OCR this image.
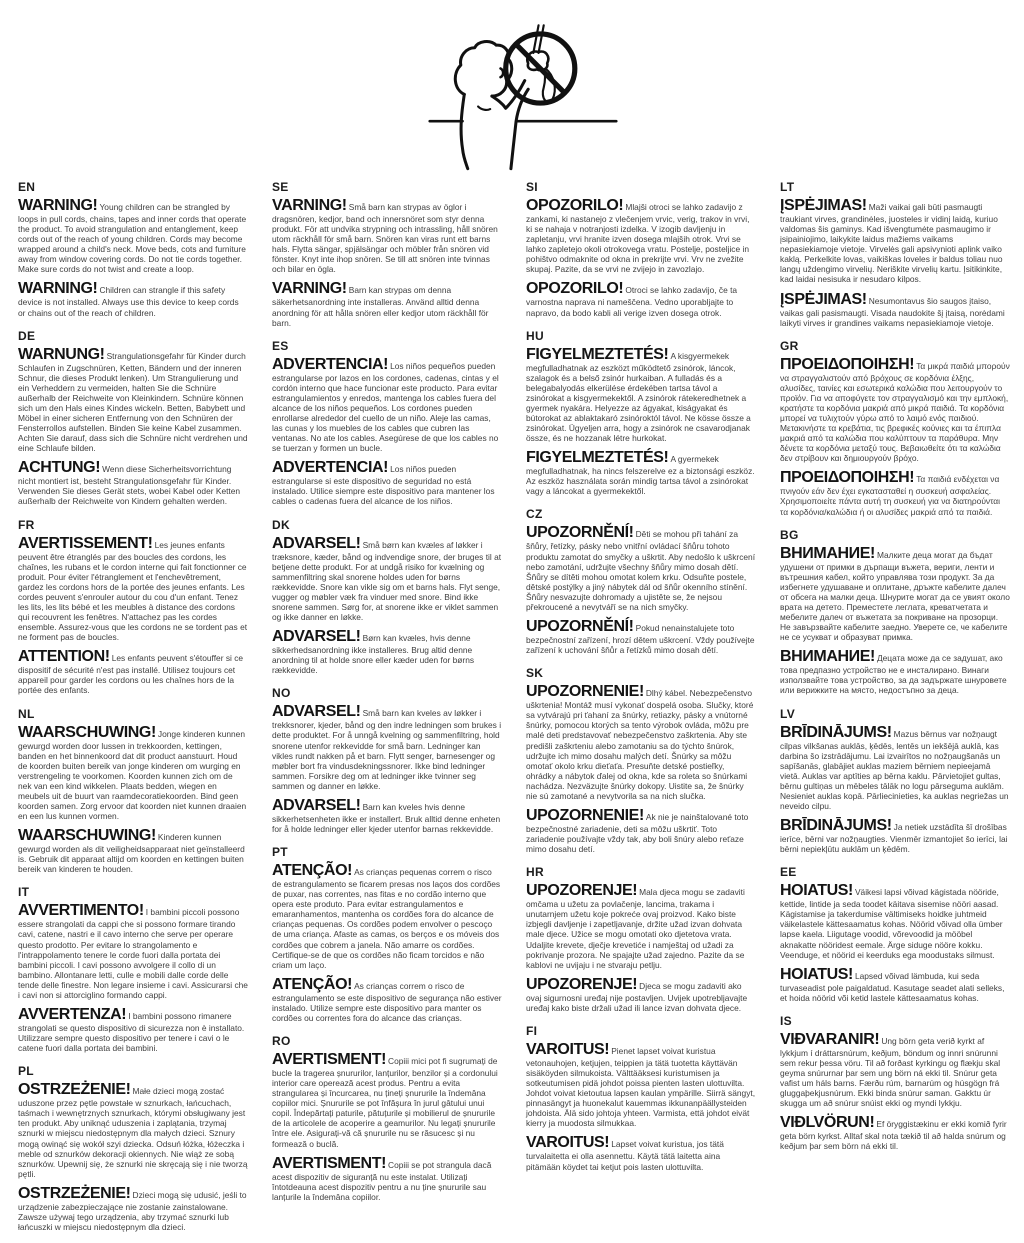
EN

WARNING! Young children can be strangled by loops in pull cords, chains, tapes and inner cords that operate the product. To avoid strangulation and entanglement, keep cords out of the reach of young children. Cords may become wrapped around a child's neck. Move beds, cots and furniture away from window covering cords. Do not tie cords together. Make sure cords do not twist and create a loop.

WARNING! Children can strangle if this safety device is not installed. Always use this device to keep cords or chains out of the reach of children.

DE

WARNUNG! Strangulationsgefahr für Kinder durch Schlaufen in Zugschnüren, Ketten, Bändern und der inneren Schnur, die dieses Produkt lenken). Um Strangulierung und ein Verheddern zu vermeiden, halten Sie die Schnüre außerhalb der Reichweite von Kleinkindern. Schnüre können sich um den Hals eines Kindes wickeln. Betten, Babybett und Möbel in einer sicheren Entfernung von den Schnüren der Fensterrollos aufstellen. Binden Sie keine Kabel zusammen. Achten Sie darauf, dass sich die Schnüre nicht verdrehen und eine Schlaufe bilden.

ACHTUNG! Wenn diese Sicherheitsvorrichtung nicht montiert ist, besteht Strangulationsgefahr für Kinder. Verwenden Sie dieses Gerät stets, wobei Kabel oder Ketten außerhalb der Reichweite von Kindern gehalten werden.

FR

AVERTISSEMENT! Les jeunes enfants peuvent être étranglés par des boucles des cordons, les chaînes, les rubans et le cordon interne qui fait fonctionner ce produit. Pour éviter l'étranglement et l'enchevêtrement, gardez les cordons hors de la portée des jeunes enfants. Les cordes peuvent s'enrouler autour du cou d'un enfant. Tenez les lits, les lits bébé et les meubles à distance des cordons qui recouvrent les fenêtres. N'attachez pas les cordes ensemble. Assurez-vous que les cordons ne se tordent pas et ne forment pas de boucles.

ATTENTION! Les enfants peuvent s'étouffer si ce dispositif de sécurité n'est pas installé. Utilisez toujours cet appareil pour garder les cordons ou les chaînes hors de la portée des enfants.

NL

WAARSCHUWING! Jonge kinderen kunnen gewurgd worden door lussen in trekkoorden, kettingen, banden en het binnenkoord dat dit product aanstuurt. Houd de koorden buiten bereik van jonge kinderen om wurging en verstrengeling te voorkomen. Koorden kunnen zich om de nek van een kind wikkelen. Plaats bedden, wiegen en meubels uit de buurt van raamdecoratiekoorden. Bind geen koorden samen. Zorg ervoor dat koorden niet kunnen draaien en een lus kunnen vormen.

WAARSCHUWING! Kinderen kunnen gewurgd worden als dit veiligheidsapparaat niet geïnstalleerd is. Gebruik dit apparaat altijd om koorden en kettingen buiten bereik van kinderen te houden.

IT

AVVERTIMENTO! I bambini piccoli possono essere strangolati da cappi che si possono formare tirando cavi, catene, nastri e il cavo interno che serve per operare questo prodotto. Per evitare lo strangolamento e l'intrappolamento tenere le corde fuori dalla portata dei bambini piccoli. I cavi possono avvolgere il collo di un bambino. Allontanare letti, culle e mobili dalle corde delle tende delle finestre. Non legare insieme i cavi. Assicurarsi che i cavi non si attorciglino formando cappi.

AVVERTENZA! I bambini possono rimanere strangolati se questo dispositivo di sicurezza non è installato. Utilizzare sempre questo dispositivo per tenere i cavi o le catene fuori dalla portata dei bambini.

PL

OSTRZEŻENIE! Małe dzieci mogą zostać uduszone przez pętle powstałe w sznurkach, łańcuchach, taśmach i wewnętrznych sznurkach, którymi obsługiwany jest ten produkt. Aby uniknąć uduszenia i zaplątania, trzymaj sznurki w miejscu niedostępnym dla małych dzieci. Sznury mogą owinąć się wokół szyi dziecka. Odsuń łóżka, łóżeczka i meble od sznurków dekoracji okiennych. Nie wiąż ze sobą sznurków. Upewnij się, że sznurki nie skręcają się i nie tworzą pętli.

OSTRZEŻENIE! Dzieci mogą się udusić, jeśli to urządzenie zabezpieczające nie zostanie zainstalowane. Zawsze używaj tego urządzenia, aby trzymać sznurki lub łańcuszki w miejscu niedostępnym dla dzieci.

SE

VARNING! Små barn kan strypas av öglor i dragsnören, kedjor, band och innersnöret som styr denna produkt. För att undvika strypning och intrassling, håll snören utom räckhåll för små barn. Snören kan viras runt ett barns hals. Flytta sängar, spjälsängar och möbler från snören vid fönster. Knyt inte ihop snören. Se till att snören inte tvinnas och bilar en ögla.

VARNING! Barn kan strypas om denna säkerhetsanordning inte installeras. Använd alltid denna anordning för att hålla snören eller kedjor utom räckhåll för barn.

ES

ADVERTENCIA! Los niños pequeños pueden estrangularse por lazos en los cordones, cadenas, cintas y el cordón interno que hace funcionar este producto. Para evitar estrangulamientos y enredos, mantenga los cables fuera del alcance de los niños pequeños. Los cordones pueden enrollarse alrededor del cuello de un niño. Aleje las camas, las cunas y los muebles de los cables que cubren las ventanas. No ate los cables. Asegúrese de que los cables no se tuerzan y formen un bucle.

ADVERTENCIA! Los niños pueden estrangularse si este dispositivo de seguridad no está instalado. Utilice siempre este dispositivo para mantener los cables o cadenas fuera del alcance de los niños.

DK

ADVARSEL! Små børn kan kvæles af løkker i træksnore, kæder, bånd og indvendige snore, der bruges til at betjene dette produkt. For at undgå risiko for kvælning og sammenfiltring skal snorene holdes uden for børns rækkevidde. Snore kan vikle sig om et barns hals. Flyt senge, vugger og møbler væk fra vinduer med snore. Bind ikke snorene sammen. Sørg for, at snorene ikke er viklet sammen og ikke danner en løkke.

ADVARSEL! Børn kan kvæles, hvis denne sikkerhedsanordning ikke installeres. Brug altid denne anordning til at holde snore eller kæder uden for børns rækkevidde.

NO

ADVARSEL! Små barn kan kveles av løkker i trekksnorer, kjeder, bånd og den indre ledningen som brukes i dette produktet. For å unngå kvelning og sammenfiltring, hold snorene utenfor rekkevidde for små barn. Ledninger kan vikles rundt nakken på et barn. Flytt senger, barnesenger og møbler bort fra vindusdekningssnorer. Ikke bind ledninger sammen. Forsikre deg om at ledninger ikke tvinner seg sammen og danner en løkke.

ADVARSEL! Barn kan kveles hvis denne sikkerhetsenheten ikke er installert. Bruk alltid denne enheten for å holde ledninger eller kjeder utenfor barnas rekkevidde.

PT

ATENÇÃO! As crianças pequenas correm o risco de estrangulamento se ficarem presas nos laços dos cordões de puxar, nas correntes, nas fitas e no cordão interno que opera este produto. Para evitar estrangulamentos e emaranhamentos, mantenha os cordões fora do alcance de crianças pequenas. Os cordões podem envolver o pescoço de uma criança. Afaste as camas, os berços e os móveis dos cordões que cobrem a janela. Não amarre os cordões. Certifique-se de que os cordões não ficam torcidos e não criam um laço.

ATENÇÃO! As crianças correm o risco de estrangulamento se este dispositivo de segurança não estiver instalado. Utilize sempre este dispositivo para manter os cordões ou correntes fora do alcance das crianças.

RO

AVERTISMENT! Copiii mici pot fi sugrumați de bucle la tragerea șnururilor, lanțurilor, benzilor și a cordonului interior care operează acest produs. Pentru a evita strangularea și încurcarea, nu țineți șnururile la îndemâna copiilor mici. Șnururile se pot înfășura în jurul gâtului unui copil. Îndepărtați paturile, pătuțurile și mobilierul de șnururile de la articolele de acoperire a geamurilor. Nu legați șnururile între ele. Asigurați-vă că șnururile nu se răsucesc și nu formează o buclă.

AVERTISMENT! Copiii se pot strangula dacă acest dispozitiv de siguranță nu este instalat. Utilizați întotdeauna acest dispozitiv pentru a nu ține șnururile sau lanțurile la îndemâna copiilor.

SI

OPOZORILO! Mlajši otroci se lahko zadavijo z zankami, ki nastanejo z vlečenjem vrvic, verig, trakov in vrvi, ki se nahaja v notranjosti izdelka. V izogib davljenju in zapletanju, vrvi hranite izven dosega mlajših otrok. Vrvi se lahko zapletejo okoli otrokovega vratu. Postelje, posteljice in pohištvo odmaknite od okna in prekrijte vrvi. Vrv ne zvežite skupaj. Pazite, da se vrvi ne zvijejo in zavozlajo.

OPOZORILO! Otroci se lahko zadavijo, če ta varnostna naprava ni nameščena. Vedno uporabljajte to napravo, da bodo kabli ali verige izven dosega otrok.

HU

FIGYELMEZTETÉS! A kisgyermekek megfulladhatnak az eszközt működtető zsinórok, láncok, szalagok és a belső zsinór hurkaiban. A fulladás és a belegabalyodás elkerülése érdekében tartsa távol a zsinórokat a kisgyermekektől. A zsinórok rátekeredhetnek a gyermek nyakára. Helyezze az ágyakat, kiságyakat és bútorokat az ablaktakaró zsinóroktól távol. Ne kösse össze a zsinórokat. Ügyeljen arra, hogy a zsinórok ne csavarodjanak össze, és ne hozzanak létre hurkokat.

FIGYELMEZTETÉS! A gyermekek megfulladhatnak, ha nincs felszerelve ez a biztonsági eszköz. Az eszköz használata során mindig tartsa távol a zsinórokat vagy a láncokat a gyermekektől.

CZ

UPOZORNĚNÍ! Děti se mohou při tahání za šňůry, řetízky, pásky nebo vnitřní ovládací šňůru tohoto produktu zamotat do smyčky a uškrtit. Aby nedošlo k uškrcení nebo zamotání, udržujte všechny šňůry mimo dosah dětí. Šňůry se dítěti mohou omotat kolem krku. Odsuňte postele, dětské postýlky a jiný nábytek dál od šňůr okenního stínění. Šňůry nesvazujte dohromady a ujistěte se, že nejsou překroucené a nevytváří se na nich smyčky.

UPOZORNĚNÍ! Pokud nenainstalujete toto bezpečnostní zařízení, hrozí dětem uškrcení. Vždy používejte zařízení k uchování šňůr a řetízků mimo dosah dětí.

SK

UPOZORNENIE! Dlhý kábel. Nebezpečenstvo uškrtenia! Montáž musí vykonať dospelá osoba. Slučky, ktoré sa vytvárajú pri ťahaní za šnúrky, retiazky, pásky a vnútorné šnúrky, pomocou ktorých sa tento výrobok ovláda, môžu pre malé deti predstavovať nebezpečenstvo zaškrtenia. Aby ste predišli zaškrteniu alebo zamotaniu sa do týchto šnúrok, udržujte ich mimo dosahu malých detí. Šnúrky sa môžu omotať okolo krku dieťaťa. Presuňte detské postieľky, ohrádky a nábytok ďalej od okna, kde sa roleta so šnúrkami nachádza. Nezväzujte šnúrky dokopy. Uistite sa, že šnúrky nie sú zamotané a nevytvorila sa na nich slučka.

UPOZORNENIE! Ak nie je nainštalované toto bezpečnostné zariadenie, deti sa môžu uškrtiť. Toto zariadenie používajte vždy tak, aby boli šnúry alebo reťaze mimo dosahu detí.

HR

UPOZORENJE! Mala djeca mogu se zadaviti omčama u užetu za povlačenje, lancima, trakama i unutarnjem užetu koje pokreće ovaj proizvod. Kako biste izbjegli davljenje i zapetljavanje, držite užad izvan dohvata male djece. Užice se mogu omotati oko djetetova vrata. Udaljite krevete, dječje krevetiće i namještaj od užadi za pokrivanje prozora. Ne spajajte užad zajedno. Pazite da se kablovi ne uvijaju i ne stvaraju petlju.

UPOZORENJE! Djeca se mogu zadaviti ako ovaj sigurnosni uređaj nije postavljen. Uvijek upotrebljavajte uređaj kako biste držali užad ili lance izvan dohvata djece.

FI

VAROITUS! Pienet lapset voivat kuristua vetonauhojen, ketjujen, teippien ja tätä tuotetta käyttävän sisäköyden silmukoista. Välttääksesi kuristumisen ja sotkeutumisen pidä johdot poissa pienten lasten ulottuvilta. Johdot voivat kietoutua lapsen kaulan ympärille. Siirrä sängyt, pinnasängyt ja huonekalut kauemmas ikkunanpäällysteiden johdoista. Älä sido johtoja yhteen. Varmista, että johdot eivät kierry ja muodosta silmukkaa.

VAROITUS! Lapset voivat kuristua, jos tätä turvalaitetta ei olla asennettu. Käytä tätä laitetta aina pitämään köydet tai ketjut pois lasten ulottuvilta.

LT

ĮSPĖJIMAS! Maži vaikai gali būti pasmaugti traukiant virves, grandinėles, juosteles ir vidinį laidą, kuriuo valdomas šis gaminys. Kad išvengtumėte pasmaugimo ir įsipainiojimo, laikykite laidus mažiems vaikams nepasiekiamoje vietoje. Virvelės gali apsivynioti aplink vaiko kaklą. Perkelkite lovas, vaikiškas loveles ir baldus toliau nuo langų uždengimo virvelių. Neriškite virvelių kartu. Įsitikinkite, kad laidai nesisuka ir nesudaro kilpos.

ĮSPĖJIMAS! Nesumontavus šio saugos įtaiso, vaikas gali pasismaugti. Visada naudokite šį įtaisą, norėdami laikyti virves ir grandines vaikams nepasiekiamoje vietoje.

GR

ΠΡΟΕΙΔΟΠΟΙΗΣΗ! Τα μικρά παιδιά μπορούν να στραγγαλιστούν από βρόχους σε κορδόνια έλξης, αλυσίδες, ταινίες και εσωτερικά καλώδια που λειτουργούν το προϊόν. Για να αποφύγετε τον στραγγαλισμό και την εμπλοκή, κρατήστε τα κορδόνια μακριά από μικρά παιδιά. Τα κορδόνια μπορεί να τυλιχτούν γύρω από το λαιμό ενός παιδιού. Μετακινήστε τα κρεβάτια, τις βρεφικές κούνιες και τα έπιπλα μακριά από τα καλώδια που καλύπτουν τα παράθυρα. Μην δένετε τα κορδόνια μεταξύ τους. Βεβαιωθείτε ότι τα καλώδια δεν στρίβουν και δημιουργούν βρόχο.

ΠΡΟΕΙΔΟΠΟΙΗΣΗ! Τα παιδιά ενδέχεται να πνιγούν εάν δεν έχει εγκατασταθεί η συσκευή ασφαλείας. Χρησιμοποιείτε πάντα αυτή τη συσκευή για να διατηρούνται τα κορδόνια/καλώδια ή οι αλυσίδες μακριά από τα παιδιά.

BG

ВНИМАНИЕ! Малките деца могат да бъдат удушени от примки в дърпащи въжета, вериги, ленти и вътрешния кабел, който управлява този продукт. За да избегнете удушаване и оплитане, дръжте кабелите далеч от обсега на малки деца. Шнурите могат да се увият около врата на детето. Преместете леглата, креватчетата и мебелите далеч от въжетата за покриване на прозорци. Не завързвайте кабелите заедно. Уверете се, че кабелите не се усукват и образуват примка.

ВНИМАНИЕ! Децата може да се задушат, ако това предпазно устройство не е инсталирано. Винаги използвайте това устройство, за да задържате шнуровете или верижките на място, недостъпно за деца.

LV

BRĪDINĀJUMS! Mazus bērnus var nožņaugt cilpas vilkšanas auklās, ķēdēs, lentēs un iekšējā auklā, kas darbina šo izstrādājumu. Lai izvairītos no nožņaugšanās un sapīšanās, glabājiet auklas maziem bērniem nepieejamā vietā. Auklas var aptīties ap bērna kaklu. Pārvietojiet gultas, bērnu gultiņas un mēbeles tālāk no logu pārseguma auklām. Nesieniet auklas kopā. Pārliecinieties, ka auklas negriežas un neveido cilpu.

BRĪDINĀJUMS! Ja netiek uzstādīta šī drošības ierīce, bērni var nožņaugties. Vienmēr izmantojiet šo ierīci, lai bērni nepiekļūtu auklām un ķēdēm.

EE

HOIATUS! Väikesi lapsi võivad kägistada nööride, kettide, lintide ja seda toodet käitava sisemise nööri aasad. Kägistamise ja takerdumise vältimiseks hoidke juhtmeid väikelastele kättesaamatus kohas. Nöörid võivad olla ümber lapse kaela. Liigutage voodid, võrevoodid ja mööbel aknakatte nööridest eemale. Ärge siduge nööre kokku. Veenduge, et nöörid ei keerduks ega moodustaks silmust.

HOIATUS! Lapsed võivad lämbuda, kui seda turvaseadist pole paigaldatud. Kasutage seadet alati selleks, et hoida nöörid või ketid lastele kättesaamatus kohas.

IS

VIÐVARANIR! Ung börn geta verið kyrkt af lykkjum í dráttarsnúrum, keðjum, böndum og innri snúrunni sem rekur þessa vöru. Til að forðast kyrkingu og flækju skal geyma snúrurnar þar sem ung börn ná ekki til. Snúrur geta vafist um háls barns. Færðu rúm, barnarúm og húsgögn frá gluggaþekjusnúrum. Ekki binda snúrur saman. Gakktu úr skugga um að snúrur snúist ekki og myndi lykkju.

VIÐLVÖRUN! Ef öryggistækinu er ekki komið fyrir geta börn kyrkst. Alltaf skal nota tækið til að halda snúrum og keðjum þar sem börn ná ekki til.
